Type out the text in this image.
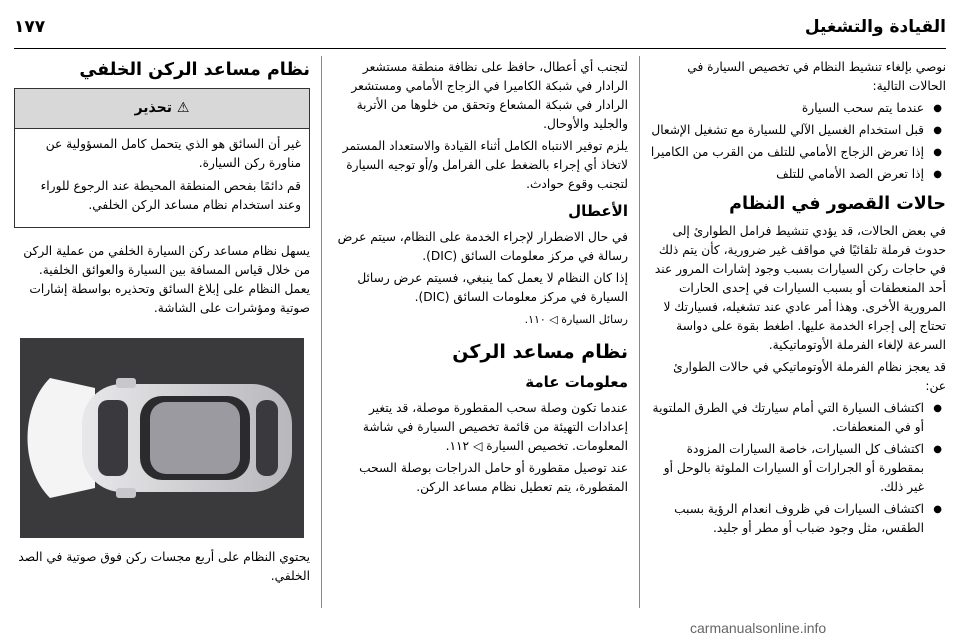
القيادة والتشغيل
١٧٧

نوصي بإلغاء تنشيط النظام في تخصيص السيارة في الحالات التالية:

● عندما يتم سحب السيارة
● قبل استخدام الغسيل الآلي للسيارة مع تشغيل الإشعال
● إذا تعرض الزجاج الأمامي للتلف من القرب من الكاميرا
● إذا تعرض الصد الأمامي للتلف
حالات القصور في النظام

في بعض الحالات، قد يؤدي تنشيط فرامل الطوارئ إلى حدوث فرملة تلقائيًا في مواقف غير ضرورية، كأن يتم ذلك في حاجات ركن السيارات بسبب وجود إشارات المرور عند أحد المنعطفات أو بسبب السيارات في إحدى الحارات المرورية الأخرى. وهذا أمر عادي عند تشغيله، فسيارتك لا تحتاج إلى إجراء الخدمة عليها. اطغط بقوة على دواسة السرعة لإلغاء الفرملة الأوتوماتيكية.

قد يعجز نظام الفرملة الأوتوماتيكي في حالات الطوارئ عن:

● اكتشاف السيارة التي أمام سيارتك في الطرق الملتوية أو في المنعطفات.
● اكتشاف كل السيارات، خاصة السيارات المزودة بمقطورة أو الجرارات أو السيارات الملوثة بالوحل أو غير ذلك.
● اكتشاف السيارات في ظروف انعدام الرؤية بسبب الطقس، مثل وجود ضباب أو مطر أو جليد.

لتجنب أي أعطال، حافظ على نظافة منطقة مستشعر الرادار في شبكة الكاميرا في الزجاج الأمامي ومستشعر الرادار في شبكة المشعاع وتحقق من خلوها من الأتربة والجليد والأوحال.

يلزم توفير الانتباه الكامل أثناء القيادة والاستعداد المستمر لاتخاذ أي إجراء بالضغط على الفرامل و/أو توجيه السيارة لتجنب وقوع حوادث.

الأعطال

في حال الاضطرار لإجراء الخدمة على النظام، سيتم عرض رسالة في مركز معلومات السائق (DIC).

إذا كان النظام لا يعمل كما ينبغي، فسيتم عرض رسائل السيارة في مركز معلومات السائق (DIC).

رسائل السيارة ◁ ١١٠.

نظام مساعد الركن
معلومات عامة

عندما تكون وصلة سحب المقطورة موصلة، قد يتغير إعدادات التهيئة من قائمة تخصيص السيارة في شاشة المعلومات. تخصيص السيارة ◁ ١١٢.

عند توصيل مقطورة أو حامل الدراجات بوصلة السحب المقطورة، يتم تعطيل نظام مساعد الركن.

نظام مساعد الركن الخلفي
⚠ تحذير

غير أن السائق هو الذي يتحمل كامل المسؤولية عن مناورة ركن السيارة.

قم دائمًا بفحص المنطقة المحيطة عند الرجوع للوراء وعند استخدام نظام مساعد الركن الخلفي.

يسهل نظام مساعد ركن السيارة الخلفي من عملية الركن من خلال قياس المسافة بين السيارة والعوائق الخلفية. يعمل النظام على إبلاغ السائق وتحذيره بواسطة إشارات صوتية ومؤشرات على الشاشة.

يحتوي النظام على أربع مجسات ركن فوق صوتية في الصد الخلفي.

carmanualsonline.info
